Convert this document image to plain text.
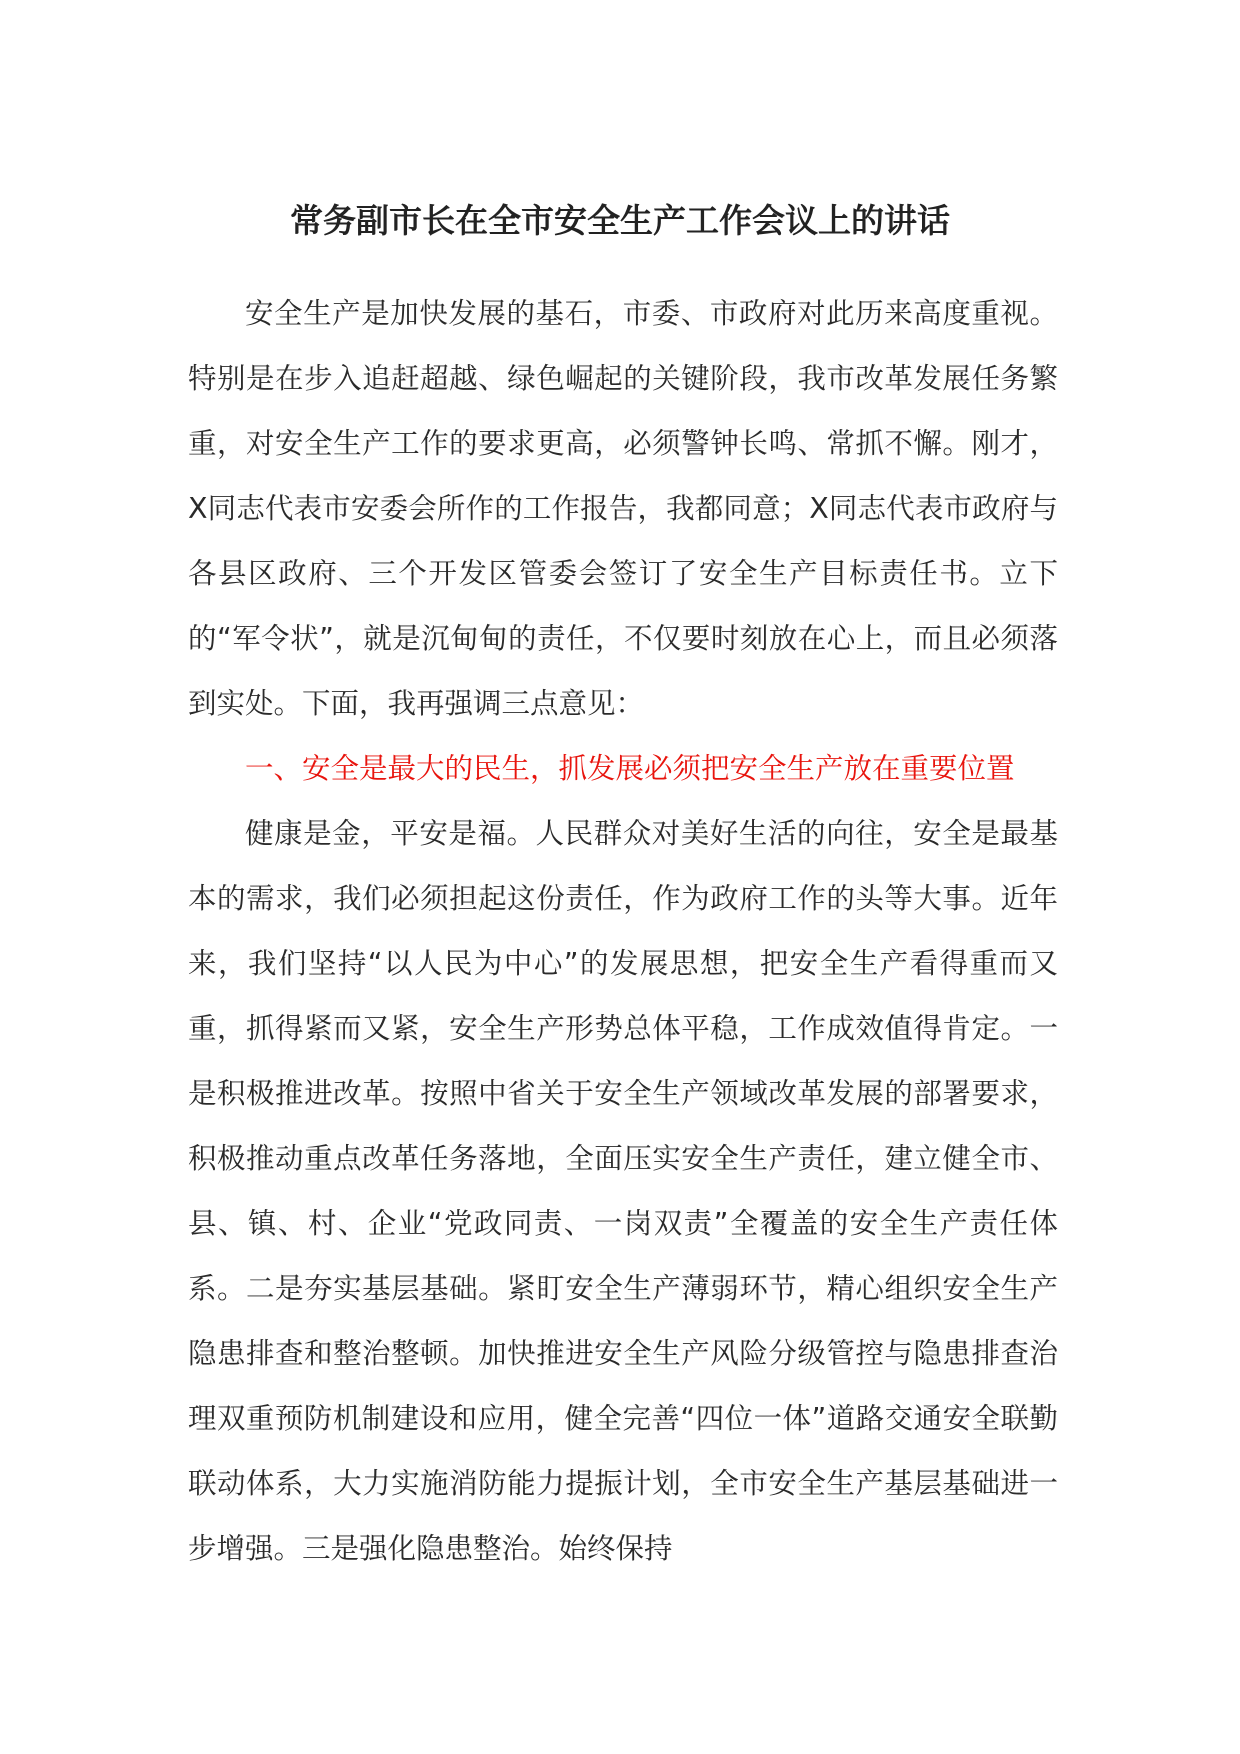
常务副市长在全市安全生产工作会议上的讲话

安全生产是加快发展的基石，市委、市政府对此历来高度重视。特别是在步入追赶超越、绿色崛起的关键阶段，我市改革发展任务繁重，对安全生产工作的要求更高，必须警钟长鸣、常抓不懈。刚才，X同志代表市安委会所作的工作报告，我都同意；X同志代表市政府与各县区政府、三个开发区管委会签订了安全生产目标责任书。立下的“军令状”，就是沉甸甸的责任，不仅要时刻放在心上，而且必须落到实处。下面，我再强调三点意见：

一、安全是最大的民生，抓发展必须把安全生产放在重要位置

健康是金，平安是福。人民群众对美好生活的向往，安全是最基本的需求，我们必须担起这份责任，作为政府工作的头等大事。近年来，我们坚持“以人民为中心”的发展思想，把安全生产看得重而又重，抓得紧而又紧，安全生产形势总体平稳，工作成效值得肯定。一是积极推进改革。按照中省关于安全生产领域改革发展的部署要求，积极推动重点改革任务落地，全面压实安全生产责任，建立健全市、县、镇、村、企业“党政同责、一岗双责”全覆盖的安全生产责任体系。二是夯实基层基础。紧盯安全生产薄弱环节，精心组织安全生产隐患排查和整治整顿。加快推进安全生产风险分级管控与隐患排查治理双重预防机制建设和应用，健全完善“四位一体”道路交通安全联勤联动体系，大力实施消防能力提振计划，全市安全生产基层基础进一步增强。三是强化隐患整治。始终保持
